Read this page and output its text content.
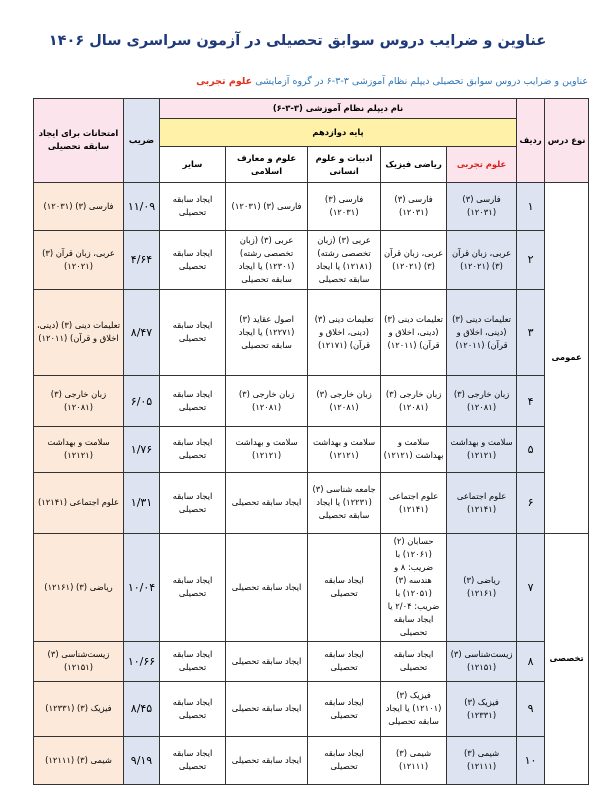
عناوین و ضرایب دروس سوابق تحصیلی در آزمون سراسری سال ۱۴۰۶
عناوین و ضرایب دروس سوابق تحصیلی دیپلم نظام آموزشی ۳-۳-۶ در گروه آزمایشی علوم تجربی
نوع درس	ردیف	نام دیپلم نظام آموزشی (۳-۳-۶)					ضریب	امتحانات برای ایجاد سابقه تحصیلی
		پایه دوازدهم						
		علوم تجربی	ریاضی فیزیک	ادبیات و علوم انسانی	علوم و معارف اسلامی	سایر		
عمومی	۱	فارسی (۳) (۱۲۰۳۱)	فارسی (۳) (۱۲۰۳۱)	فارسی (۳) (۱۲۰۳۱)	فارسی (۳) (۱۲۰۳۱)	ایجاد سابقه تحصیلی	۱۱/۰۹	فارسی (۳) (۱۲۰۳۱)
	۲	عربی، زبان قرآن (۳) (۱۲۰۲۱)	عربی، زبان قرآن (۳) (۱۲۰۲۱)	عربی (۳) (زبان تخصصی رشته) (۱۲۱۸۱) یا ایجاد سابقه تحصیلی	عربی (۳) (زبان تخصصی رشته) (۱۲۳۰۱) یا ایجاد سابقه تحصیلی	ایجاد سابقه تحصیلی	۴/۶۴	عربی، زبان قرآن (۳) (۱۲۰۲۱)
	۳	تعلیمات دینی (۳) (دینی، اخلاق و قرآن) (۱۲۰۱۱)	تعلیمات دینی (۳) (دینی، اخلاق و قرآن) (۱۲۰۱۱)	تعلیمات دینی (۳) (دینی، اخلاق و قرآن) (۱۲۱۷۱)	اصول عقاید (۳) (۱۲۲۷۱) یا ایجاد سابقه تحصیلی	ایجاد سابقه تحصیلی	۸/۴۷	تعلیمات دینی (۳) (دینی، اخلاق و قرآن) (۱۲۰۱۱)
	۴	زبان خارجی (۳) (۱۲۰۸۱)	زبان خارجی (۳) (۱۲۰۸۱)	زبان خارجی (۳) (۱۲۰۸۱)	زبان خارجی (۳) (۱۲۰۸۱)	ایجاد سابقه تحصیلی	۶/۰۵	زبان خارجی (۳) (۱۲۰۸۱)
	۵	سلامت و بهداشت (۱۲۱۲۱)	سلامت و بهداشت (۱۲۱۲۱)	سلامت و بهداشت (۱۲۱۲۱)	سلامت و بهداشت (۱۲۱۲۱)	ایجاد سابقه تحصیلی	۱/۷۶	سلامت و بهداشت (۱۲۱۲۱)
	۶	علوم اجتماعی (۱۲۱۴۱)	علوم اجتماعی (۱۲۱۴۱)	جامعه شناسی (۳) (۱۲۲۳۱) یا ایجاد سابقه تحصیلی	ایجاد سابقه تحصیلی	ایجاد سابقه تحصیلی	۱/۳۱	علوم اجتماعی (۱۲۱۴۱)
تخصصی	۷	ریاضی (۳) (۱۲۱۶۱)	حسابان (۲) (۱۲۰۶۱) با ضریب: ۸ و هندسه (۳) (۱۲۰۵۱) با ضریب: ۲/۰۴ یا ایجاد سابقه تحصیلی	ایجاد سابقه تحصیلی	ایجاد سابقه تحصیلی	ایجاد سابقه تحصیلی	۱۰/۰۴	ریاضی (۳) (۱۲۱۶۱)
	۸	زیست‌شناسی (۳) (۱۲۱۵۱)	ایجاد سابقه تحصیلی	ایجاد سابقه تحصیلی	ایجاد سابقه تحصیلی	ایجاد سابقه تحصیلی	۱۰/۶۶	زیست‌شناسی (۳) (۱۲۱۵۱)
	۹	فیزیک (۳) (۱۲۳۳۱)	فیزیک (۳) (۱۲۱۰۱) یا ایجاد سابقه تحصیلی	ایجاد سابقه تحصیلی	ایجاد سابقه تحصیلی	ایجاد سابقه تحصیلی	۸/۴۵	فیزیک (۳) (۱۲۳۳۱)
	۱۰	شیمی (۳) (۱۲۱۱۱)	شیمی (۳) (۱۲۱۱۱)	ایجاد سابقه تحصیلی	ایجاد سابقه تحصیلی	ایجاد سابقه تحصیلی	۹/۱۹	شیمی (۳) (۱۲۱۱۱)
